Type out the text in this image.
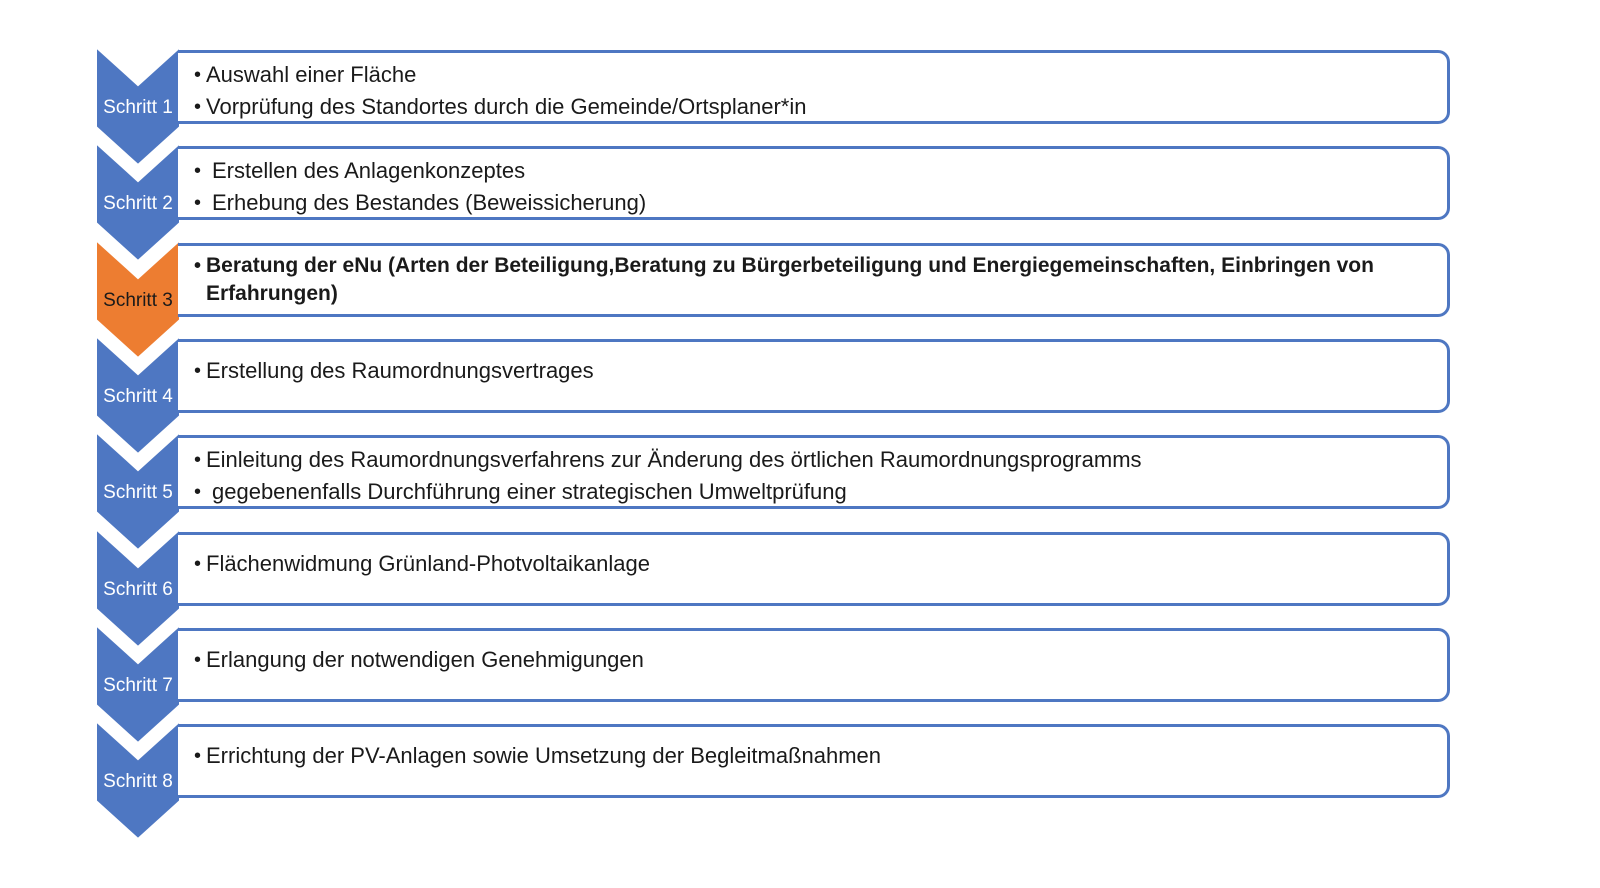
Schritt 1
• Auswahl einer Fläche
• Vorprüfung des Standortes durch die Gemeinde/Ortsplaner*in
Schritt 2
• Erstellen des Anlagenkonzeptes
• Erhebung des Bestandes (Beweissicherung)
Schritt 3
• Beratung der eNu (Arten der Beteiligung,Beratung zu Bürgerbeteiligung und Energiegemeinschaften, Einbringen von Erfahrungen)
Schritt 4
• Erstellung des Raumordnungsvertrages
Schritt 5
• Einleitung des Raumordnungsverfahrens zur Änderung des örtlichen Raumordnungsprogramms
• gegebenenfalls Durchführung einer strategischen Umweltprüfung
Schritt 6
• Flächenwidmung Grünland-Photvoltaikanlage
Schritt 7
• Erlangung der notwendigen Genehmigungen
Schritt 8
• Errichtung der PV-Anlagen sowie Umsetzung der Begleitmaßnahmen
